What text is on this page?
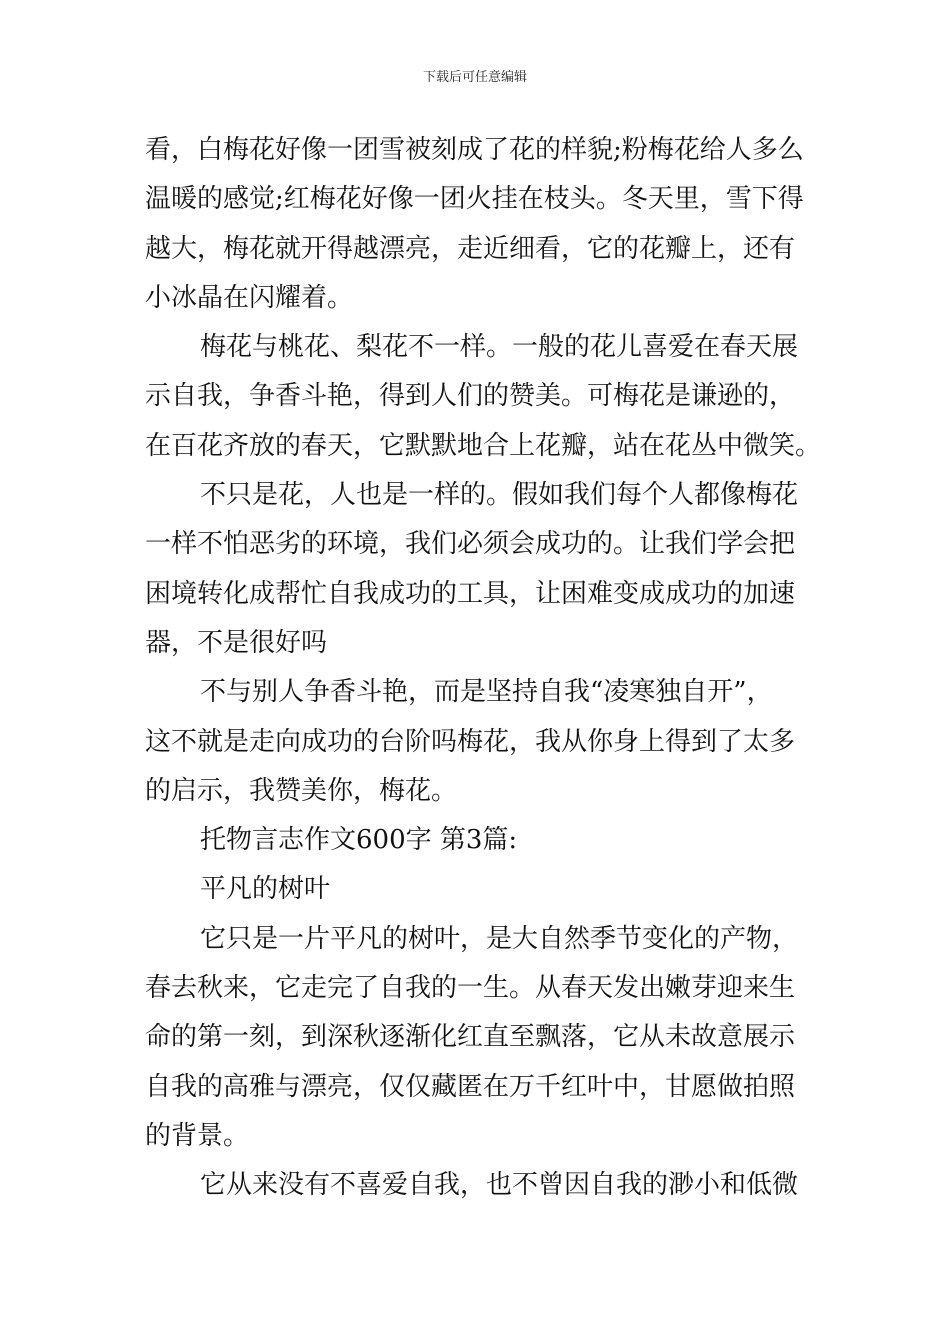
下载后可任意编辑
看，白梅花好像一团雪被刻成了花的样貌;粉梅花给人多么
温暖的感觉;红梅花好像一团火挂在枝头。冬天里，雪下得
越大，梅花就开得越漂亮，走近细看，它的花瓣上，还有
小冰晶在闪耀着。
梅花与桃花、梨花不一样。一般的花儿喜爱在春天展
示自我，争香斗艳，得到人们的赞美。可梅花是谦逊的，
在百花齐放的春天，它默默地合上花瓣，站在花丛中微笑。
不只是花，人也是一样的。假如我们每个人都像梅花
一样不怕恶劣的环境，我们必须会成功的。让我们学会把
困境转化成帮忙自我成功的工具，让困难变成成功的加速
器，不是很好吗
不与别人争香斗艳，而是坚持自我“凌寒独自开”，
这不就是走向成功的台阶吗梅花，我从你身上得到了太多
的启示，我赞美你，梅花。
托物言志作文600字 第3篇:
平凡的树叶
它只是一片平凡的树叶，是大自然季节变化的产物，
春去秋来，它走完了自我的一生。从春天发出嫩芽迎来生
命的第一刻，到深秋逐渐化红直至飘落，它从未故意展示
自我的高雅与漂亮，仅仅藏匿在万千红叶中，甘愿做拍照
的背景。
它从来没有不喜爱自我，也不曾因自我的渺小和低微
